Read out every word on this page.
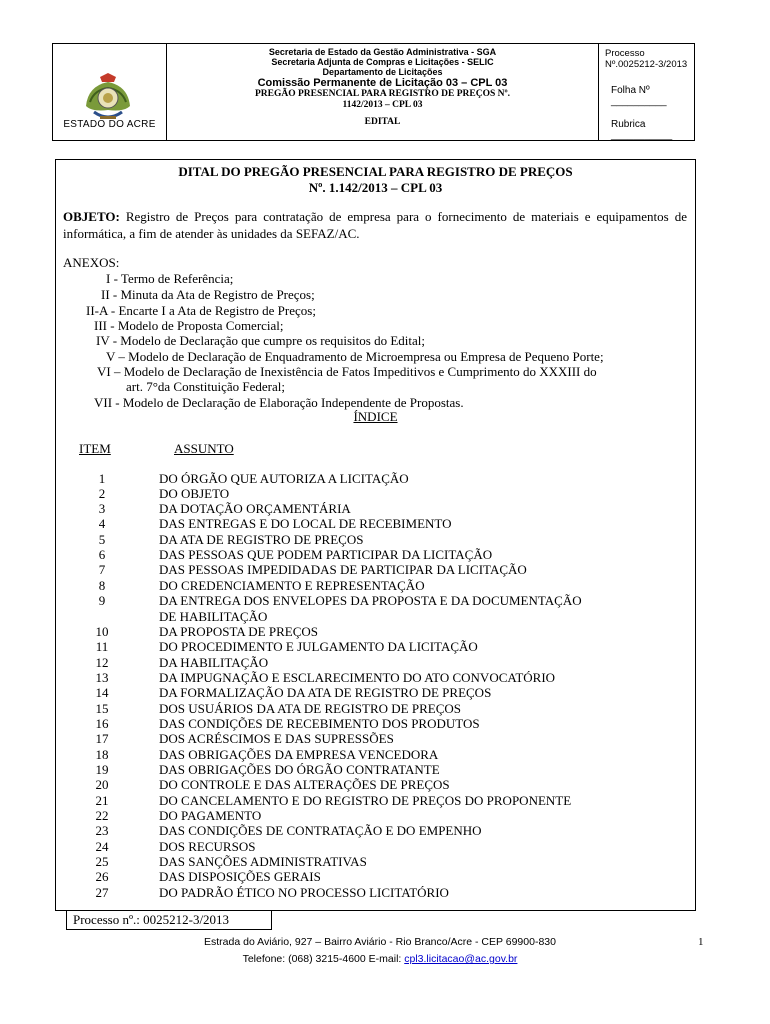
ESTADO DO ACRE
Secretaria de Estado da Gestão Administrativa - SGA
Secretaria Adjunta de Compras e Licitações - SELIC
Departamento de Licitações
Comissão Permanente de Licitação 03 – CPL 03
PREGÃO PRESENCIAL PARA REGISTRO DE PREÇOS Nº.
1142/2013 – CPL 03
EDITAL
Processo Nº.0025212-3/2013
Folha Nº __________
Rubrica ___________
DITAL DO PREGÃO PRESENCIAL PARA REGISTRO DE PREÇOS
Nº. 1.142/2013 – CPL 03
OBJETO: Registro de Preços para contratação de empresa para o fornecimento de materiais e equipamentos de informática, a fim de atender às unidades da SEFAZ/AC.
ANEXOS:
I - Termo de Referência;
II - Minuta da Ata de Registro de Preços;
II-A - Encarte I a Ata de Registro de Preços;
III - Modelo de Proposta Comercial;
IV - Modelo de Declaração que cumpre os requisitos do Edital;
V – Modelo de Declaração de Enquadramento de Microempresa ou Empresa de Pequeno Porte;
VI – Modelo de Declaração de Inexistência de Fatos Impeditivos e Cumprimento do XXXIII do
art. 7°da Constituição Federal;
VII - Modelo de Declaração de Elaboração Independente de Propostas.
ÍNDICE
ITEM	ASSUNTO
1	DO ÓRGÃO QUE AUTORIZA A LICITAÇÃO
2	DO OBJETO
3	DA DOTAÇÃO ORÇAMENTÁRIA
4	DAS ENTREGAS E DO LOCAL DE RECEBIMENTO
5	DA ATA DE REGISTRO DE PREÇOS
6	DAS PESSOAS QUE PODEM PARTICIPAR DA LICITAÇÃO
7	DAS PESSOAS IMPEDIDADAS DE PARTICIPAR DA LICITAÇÃO
8	DO CREDENCIAMENTO E REPRESENTAÇÃO
9	DA ENTREGA DOS ENVELOPES DA PROPOSTA E DA DOCUMENTAÇÃO
DE HABILITAÇÃO
10	DA PROPOSTA DE PREÇOS
11	DO PROCEDIMENTO E JULGAMENTO DA LICITAÇÃO
12	DA HABILITAÇÃO
13	DA IMPUGNAÇÃO E ESCLARECIMENTO DO ATO CONVOCATÓRIO
14	DA FORMALIZAÇÃO DA ATA DE REGISTRO DE PREÇOS
15	DOS USUÁRIOS DA ATA DE REGISTRO DE PREÇOS
16	DAS CONDIÇÕES DE RECEBIMENTO DOS PRODUTOS
17	DOS ACRÉSCIMOS E DAS SUPRESSÕES
18	DAS OBRIGAÇÕES DA EMPRESA VENCEDORA
19	DAS OBRIGAÇÕES DO ÓRGÃO CONTRATANTE
20	DO CONTROLE E DAS ALTERAÇÕES DE PREÇOS
21	DO CANCELAMENTO E DO REGISTRO DE PREÇOS DO PROPONENTE
22	DO PAGAMENTO
23	DAS CONDIÇÕES DE CONTRATAÇÃO E DO EMPENHO
24	DOS RECURSOS
25	DAS SANÇÕES ADMINISTRATIVAS
26	DAS DISPOSIÇÕES GERAIS
27	DO PADRÃO ÉTICO NO PROCESSO LICITATÓRIO
Processo nº.: 0025212-3/2013
Estrada do Aviário, 927 – Bairro Aviário - Rio Branco/Acre - CEP 69900-830
Telefone: (068) 3215-4600 E-mail: cpl3.licitacao@ac.gov.br
1
